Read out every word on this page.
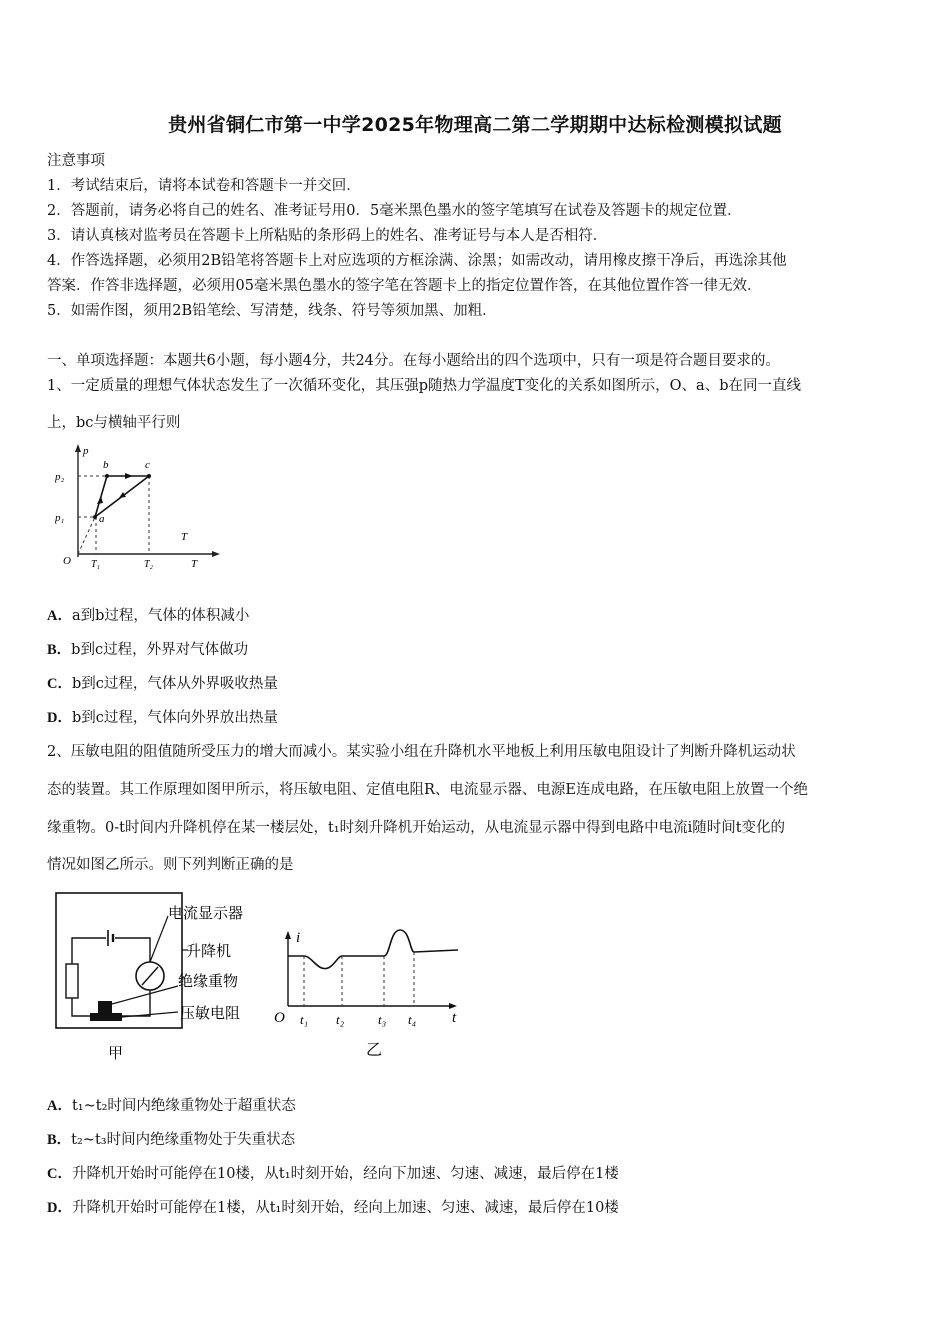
贵州省铜仁市第一中学2025年物理高二第二学期期中达标检测模拟试题
注意事项
1．考试结束后，请将本试卷和答题卡一并交回．
2．答题前，请务必将自己的姓名、准考证号用0．5毫米黑色墨水的签字笔填写在试卷及答题卡的规定位置．
3．请认真核对监考员在答题卡上所粘贴的条形码上的姓名、准考证号与本人是否相符．
4．作答选择题，必须用2B铅笔将答题卡上对应选项的方框涂满、涂黑；如需改动，请用橡皮擦干净后，再选涂其他
答案．作答非选择题，必须用05毫米黑色墨水的签字笔在答题卡上的指定位置作答，在其他位置作答一律无效．
5．如需作图，须用2B铅笔绘、写清楚，线条、符号等须加黑、加粗．
一、单项选择题：本题共6小题，每小题4分，共24分。在每小题给出的四个选项中，只有一项是符合题目要求的。
1、一定质量的理想气体状态发生了一次循环变化，其压强p随热力学温度T变化的关系如图所示，O、a、b在同一直线
上，bc与横轴平行则
p
b	c
p₂
p₁	a
T
O T₁	T₂	T
A．a到b过程，气体的体积减小
B．b到c过程，外界对气体做功
C．b到c过程，气体从外界吸收热量
D．b到c过程，气体向外界放出热量
2、压敏电阻的阻值随所受压力的增大而减小。某实验小组在升降机水平地板上利用压敏电阻设计了判断升降机运动状
态的装置。其工作原理如图甲所示，将压敏电阻、定值电阻R、电流显示器、电源E连成电路，在压敏电阻上放置一个绝
缘重物。0-t时间内升降机停在某一楼层处，t₁时刻升降机开始运动，从电流显示器中得到电路中电流i随时间t变化的
情况如图乙所示。则下列判断正确的是
电流显示器
升降机
绝缘重物
压敏电阻
甲
i
O t₁ t₂	t₃ t₄ t
乙
A．t₁~t₂时间内绝缘重物处于超重状态
B．t₂~t₃时间内绝缘重物处于失重状态
C．升降机开始时可能停在10楼，从t₁时刻开始，经向下加速、匀速、减速，最后停在1楼
D．升降机开始时可能停在1楼，从t₁时刻开始，经向上加速、匀速、减速，最后停在10楼
